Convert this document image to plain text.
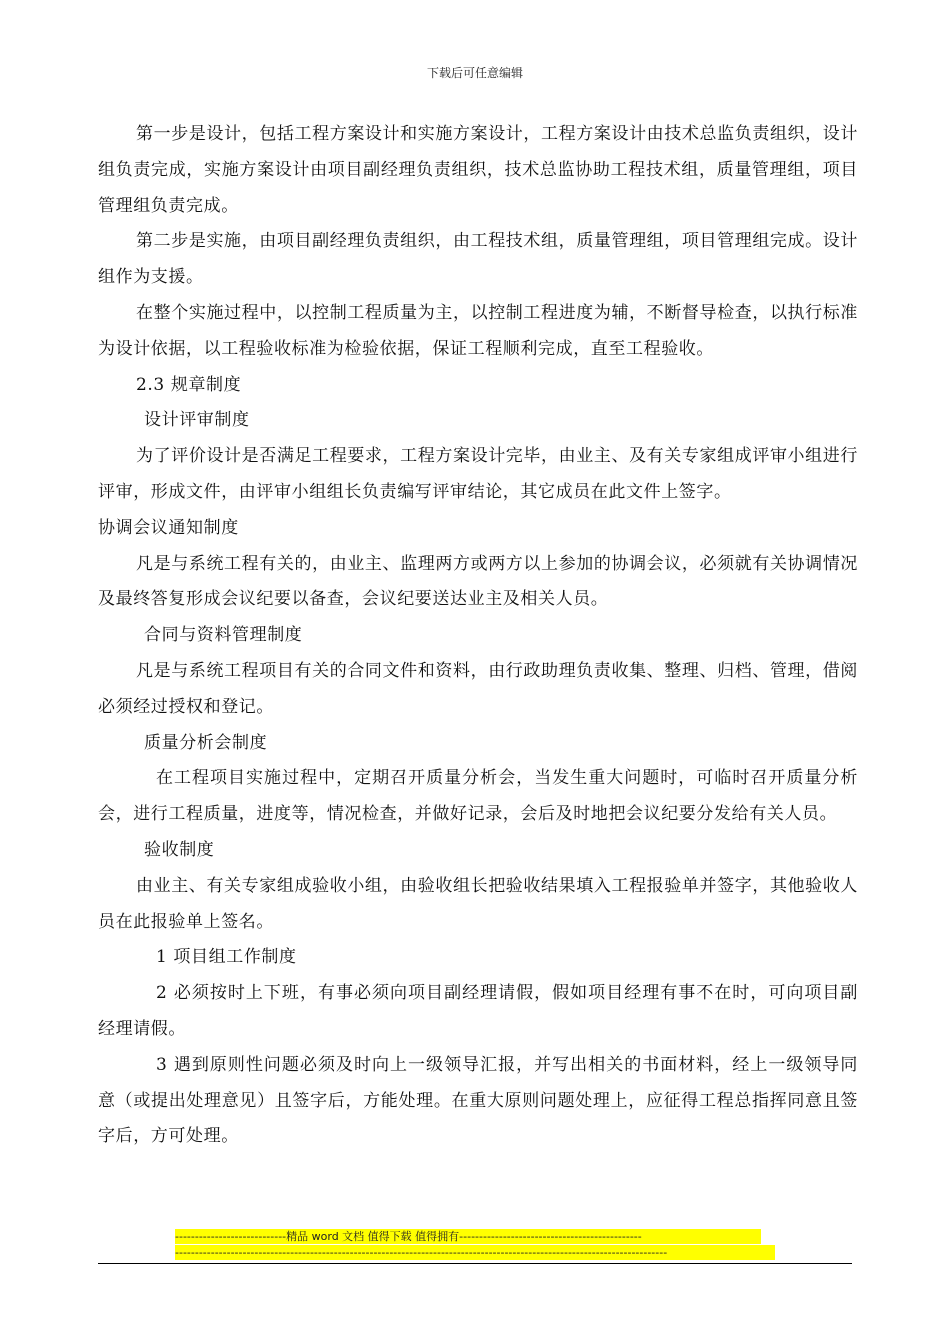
下载后可任意编辑

第一步是设计，包括工程方案设计和实施方案设计，工程方案设计由技术总监负责组织，设计组负责完成，实施方案设计由项目副经理负责组织，技术总监协助工程技术组，质量管理组，项目管理组负责完成。

第二步是实施，由项目副经理负责组织，由工程技术组，质量管理组，项目管理组完成。设计组作为支援。

在整个实施过程中，以控制工程质量为主，以控制工程进度为辅，不断督导检查，以执行标准为设计依据，以工程验收标准为检验依据，保证工程顺利完成，直至工程验收。

2.3 规章制度

设计评审制度

为了评价设计是否满足工程要求，工程方案设计完毕，由业主、及有关专家组成评审小组进行评审，形成文件，由评审小组组长负责编写评审结论，其它成员在此文件上签字。

协调会议通知制度

凡是与系统工程有关的，由业主、监理两方或两方以上参加的协调会议，必须就有关协调情况及最终答复形成会议纪要以备查，会议纪要送达业主及相关人员。

合同与资料管理制度

凡是与系统工程项目有关的合同文件和资料，由行政助理负责收集、整理、归档、管理，借阅必须经过授权和登记。

质量分析会制度

在工程项目实施过程中，定期召开质量分析会，当发生重大问题时，可临时召开质量分析会，进行工程质量，进度等，情况检查，并做好记录，会后及时地把会议纪要分发给有关人员。

验收制度

由业主、有关专家组成验收小组，由验收组长把验收结果填入工程报验单并签字，其他验收人员在此报验单上签名。

1 项目组工作制度

2 必须按时上下班，有事必须向项目副经理请假，假如项目经理有事不在时，可向项目副经理请假。

3 遇到原则性问题必须及时向上一级领导汇报，并写出相关的书面材料，经上一级领导同意（或提出处理意见）且签字后，方能处理。在重大原则问题处理上，应征得工程总指挥同意且签字后，方可处理。

----------------------------精品 word 文档 值得下载 值得拥有----------------------------------------------
----------------------------------------------------------------------------------------------------------------------------
